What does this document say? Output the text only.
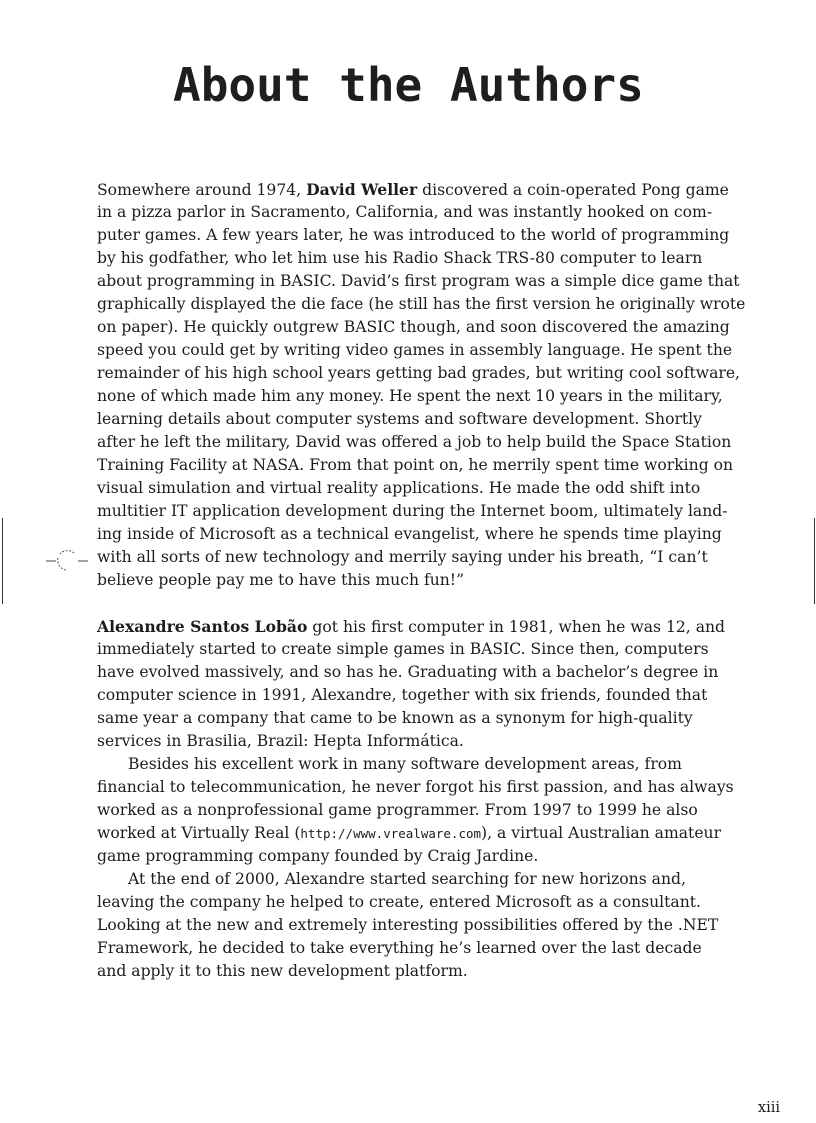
About the Authors
Somewhere around 1974, David Weller discovered a coin-operated Pong game
in a pizza parlor in Sacramento, California, and was instantly hooked on com-
puter games. A few years later, he was introduced to the world of programming
by his godfather, who let him use his Radio Shack TRS-80 computer to learn
about programming in BASIC. David’s first program was a simple dice game that
graphically displayed the die face (he still has the first version he originally wrote
on paper). He quickly outgrew BASIC though, and soon discovered the amazing
speed you could get by writing video games in assembly language. He spent the
remainder of his high school years getting bad grades, but writing cool software,
none of which made him any money. He spent the next 10 years in the military,
learning details about computer systems and software development. Shortly
after he left the military, David was offered a job to help build the Space Station
Training Facility at NASA. From that point on, he merrily spent time working on
visual simulation and virtual reality applications. He made the odd shift into
multitier IT application development during the Internet boom, ultimately land-
ing inside of Microsoft as a technical evangelist, where he spends time playing
with all sorts of new technology and merrily saying under his breath, “I can’t
believe people pay me to have this much fun!”
Alexandre Santos Lobão got his first computer in 1981, when he was 12, and
immediately started to create simple games in BASIC. Since then, computers
have evolved massively, and so has he. Graduating with a bachelor’s degree in
computer science in 1991, Alexandre, together with six friends, founded that
same year a company that came to be known as a synonym for high-quality
services in Brasilia, Brazil: Hepta Informática.
Besides his excellent work in many software development areas, from
financial to telecommunication, he never forgot his first passion, and has always
worked as a nonprofessional game programmer. From 1997 to 1999 he also
worked at Virtually Real (http://www.vrealware.com), a virtual Australian amateur
game programming company founded by Craig Jardine.
At the end of 2000, Alexandre started searching for new horizons and,
leaving the company he helped to create, entered Microsoft as a consultant.
Looking at the new and extremely interesting possibilities offered by the .NET
Framework, he decided to take everything he’s learned over the last decade
and apply it to this new development platform.
xiii
